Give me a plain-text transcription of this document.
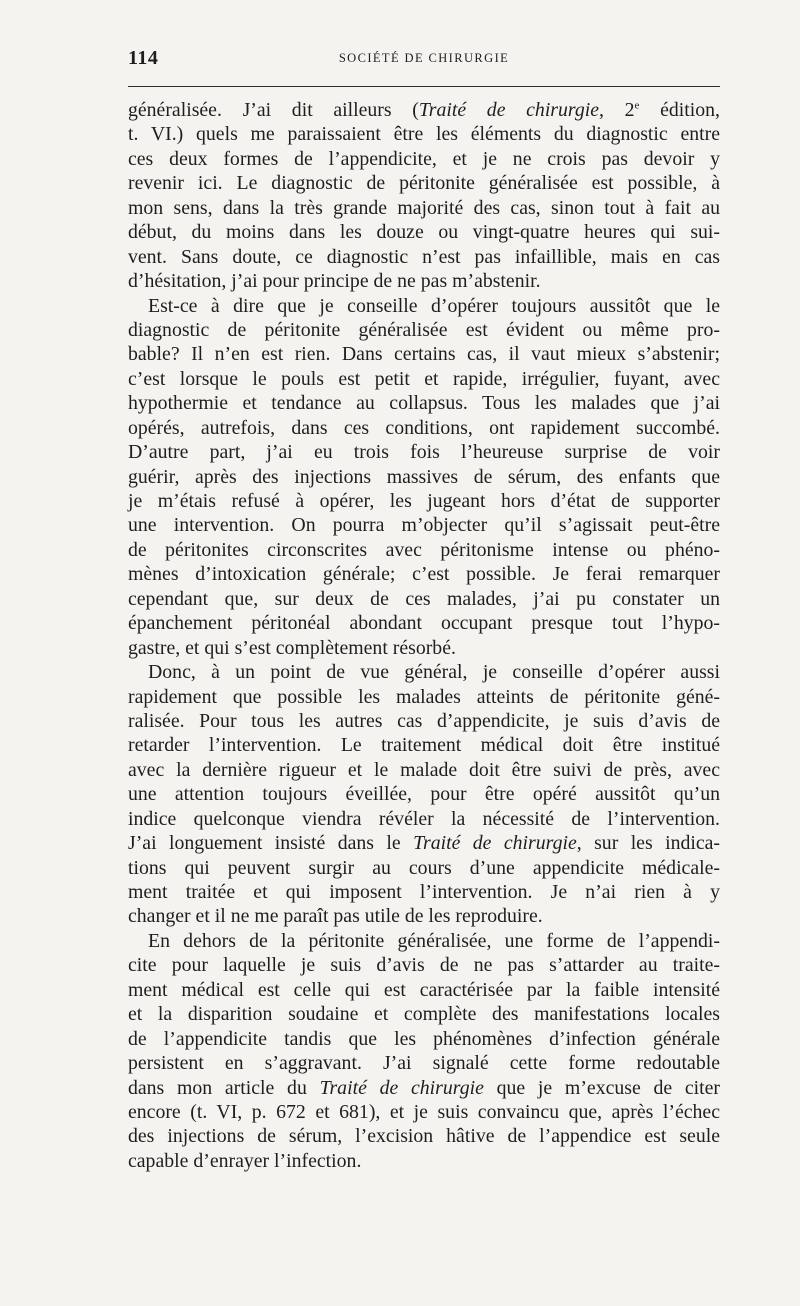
114	SOCIÉTÉ DE CHIRURGIE
généralisée. J’ai dit ailleurs (Traité de chirurgie, 2e édition,
t. VI.) quels me paraissaient être les éléments du diagnostic entre
ces deux formes de l’appendicite, et je ne crois pas devoir y
revenir ici. Le diagnostic de péritonite généralisée est possible, à
mon sens, dans la très grande majorité des cas, sinon tout à fait au
début, du moins dans les douze ou vingt-quatre heures qui sui-
vent. Sans doute, ce diagnostic n’est pas infaillible, mais en cas
d’hésitation, j’ai pour principe de ne pas m’abstenir.
Est-ce à dire que je conseille d’opérer toujours aussitôt que le
diagnostic de péritonite généralisée est évident ou même pro-
bable? Il n’en est rien. Dans certains cas, il vaut mieux s’abstenir;
c’est lorsque le pouls est petit et rapide, irrégulier, fuyant, avec
hypothermie et tendance au collapsus. Tous les malades que j’ai
opérés, autrefois, dans ces conditions, ont rapidement succombé.
D’autre part, j’ai eu trois fois l’heureuse surprise de voir
guérir, après des injections massives de sérum, des enfants que
je m’étais refusé à opérer, les jugeant hors d’état de supporter
une intervention. On pourra m’objecter qu’il s’agissait peut-être
de péritonites circonscrites avec péritonisme intense ou phéno-
mènes d’intoxication générale; c’est possible. Je ferai remarquer
cependant que, sur deux de ces malades, j’ai pu constater un
épanchement péritonéal abondant occupant presque tout l’hypo-
gastre, et qui s’est complètement résorbé.
Donc, à un point de vue général, je conseille d’opérer aussi
rapidement que possible les malades atteints de péritonite géné-
ralisée. Pour tous les autres cas d’appendicite, je suis d’avis de
retarder l’intervention. Le traitement médical doit être institué
avec la dernière rigueur et le malade doit être suivi de près, avec
une attention toujours éveillée, pour être opéré aussitôt qu’un
indice quelconque viendra révéler la nécessité de l’intervention.
J’ai longuement insisté dans le Traité de chirurgie, sur les indica-
tions qui peuvent surgir au cours d’une appendicite médicale-
ment traitée et qui imposent l’intervention. Je n’ai rien à y
changer et il ne me paraît pas utile de les reproduire.
En dehors de la péritonite généralisée, une forme de l’appendi-
cite pour laquelle je suis d’avis de ne pas s’attarder au traite-
ment médical est celle qui est caractérisée par la faible intensité
et la disparition soudaine et complète des manifestations locales
de l’appendicite tandis que les phénomènes d’infection générale
persistent en s’aggravant. J’ai signalé cette forme redoutable
dans mon article du Traité de chirurgie que je m’excuse de citer
encore (t. VI, p. 672 et 681), et je suis convaincu que, après l’échec
des injections de sérum, l’excision hâtive de l’appendice est seule
capable d’enrayer l’infection.
